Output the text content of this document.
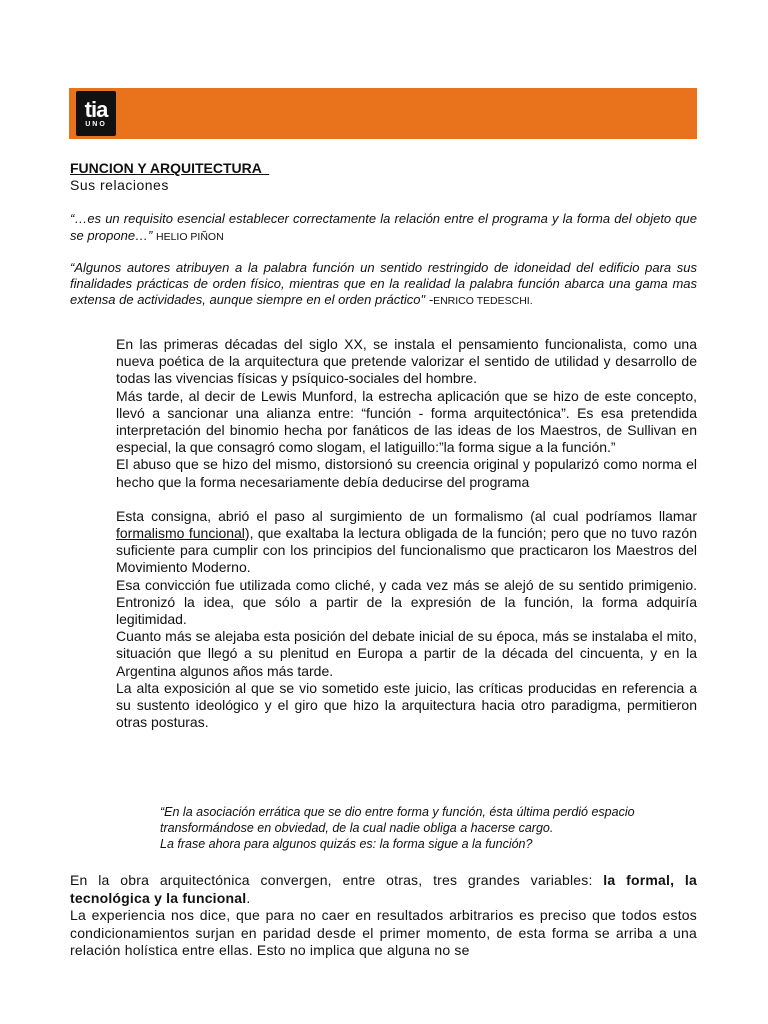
tia
UNO
FUNCION Y ARQUITECTURA
Sus relaciones
“…es un requisito esencial establecer correctamente la relación entre el programa y la forma del objeto que se propone…” HELIO PIÑON
“Algunos autores atribuyen a la palabra función un sentido restringido de idoneidad del edificio para sus finalidades prácticas de orden físico, mientras que en la realidad la palabra función abarca una gama mas extensa de actividades, aunque siempre en el orden práctico" -ENRICO TEDESCHI.

En las primeras décadas del siglo XX, se instala el pensamiento funcionalista, como una nueva poética de la arquitectura que pretende valorizar el sentido de utilidad y desarrollo de todas las vivencias físicas y psíquico-sociales del hombre.

Más tarde, al decir de Lewis Munford, la estrecha aplicación que se hizo de este concepto, llevó a sancionar una alianza entre: “función - forma arquitectónica”. Es esa pretendida interpretación del binomio hecha por fanáticos de las ideas de los Maestros, de Sullivan en especial, la que consagró como slogam, el latiguillo:”la forma sigue a la función.”

El abuso que se hizo del mismo, distorsionó su creencia original y popularizó como norma el hecho que la forma necesariamente debía deducirse del programa

Esta consigna, abrió el paso al surgimiento de un formalismo (al cual podríamos llamar formalismo funcional), que exaltaba la lectura obligada de la función; pero que no tuvo razón suficiente para cumplir con los principios del funcionalismo que practicaron los Maestros del Movimiento Moderno.

Esa convicción fue utilizada como cliché, y cada vez más se alejó de su sentido primigenio. Entronizó la idea, que sólo a partir de la expresión de la función, la forma adquiría legitimidad.

Cuanto más se alejaba esta posición del debate inicial de su época, más se instalaba el mito, situación que llegó a su plenitud en Europa a partir de la década del cincuenta, y en la Argentina algunos años más tarde.

La alta exposición al que se vio sometido este juicio, las críticas producidas en referencia a su sustento ideológico y el giro que hizo la arquitectura hacia otro paradigma, permitieron otras posturas.

“En la asociación errática que se dio entre forma y función, ésta última perdió espacio

transformándose en obviedad, de la cual nadie obliga a hacerse cargo.

La frase ahora para algunos quizás es: la forma sigue a la función?

En la obra arquitectónica convergen, entre otras, tres grandes variables: la formal, la tecnológica y la funcional.

La experiencia nos dice, que para no caer en resultados arbitrarios es preciso que todos estos condicionamientos surjan en paridad desde el primer momento, de esta forma se arriba a una relación holística entre ellas. Esto no implica que alguna no se
